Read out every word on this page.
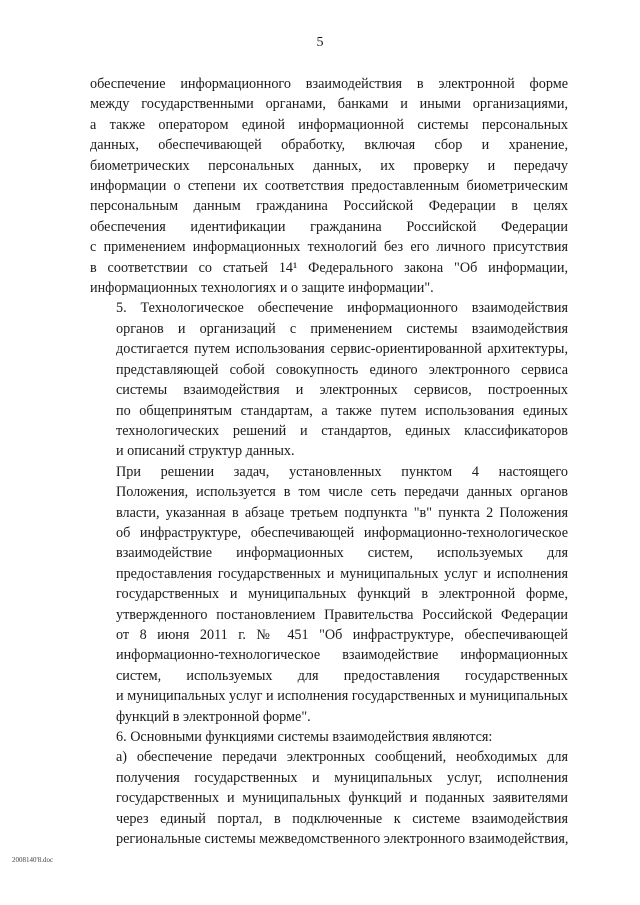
5
обеспечение информационного взаимодействия в электронной форме
между государственными органами, банками и иными организациями,
а также оператором единой информационной системы персональных
данных, обеспечивающей обработку, включая сбор и хранение,
биометрических персональных данных, их проверку и передачу
информации о степени их соответствия предоставленным биометрическим
персональным данным гражданина Российской Федерации в целях
обеспечения идентификации гражданина Российской Федерации
с применением информационных технологий без его личного присутствия
в соответствии со статьей 14¹ Федерального закона "Об информации,
информационных технологиях и о защите информации".
5. Технологическое обеспечение информационного взаимодействия
органов и организаций с применением системы взаимодействия
достигается путем использования сервис-ориентированной архитектуры,
представляющей собой совокупность единого электронного сервиса
системы взаимодействия и электронных сервисов, построенных
по общепринятым стандартам, а также путем использования единых
технологических решений и стандартов, единых классификаторов
и описаний структур данных.
При решении задач, установленных пунктом 4 настоящего
Положения, используется в том числе сеть передачи данных органов
власти, указанная в абзаце третьем подпункта "в" пункта 2 Положения
об инфраструктуре, обеспечивающей информационно-технологическое
взаимодействие информационных систем, используемых для
предоставления государственных и муниципальных услуг и исполнения
государственных и муниципальных функций в электронной форме,
утвержденного постановлением Правительства Российской Федерации
от 8 июня 2011 г. № 451 "Об инфраструктуре, обеспечивающей
информационно-технологическое взаимодействие информационных
систем, используемых для предоставления государственных
и муниципальных услуг и исполнения государственных и муниципальных
функций в электронной форме".
6. Основными функциями системы взаимодействия являются:
а) обеспечение передачи электронных сообщений, необходимых для
получения государственных и муниципальных услуг, исполнения
государственных и муниципальных функций и поданных заявителями
через единый портал, в подключенные к системе взаимодействия
региональные системы межведомственного электронного взаимодействия,
2008140'8.doc
